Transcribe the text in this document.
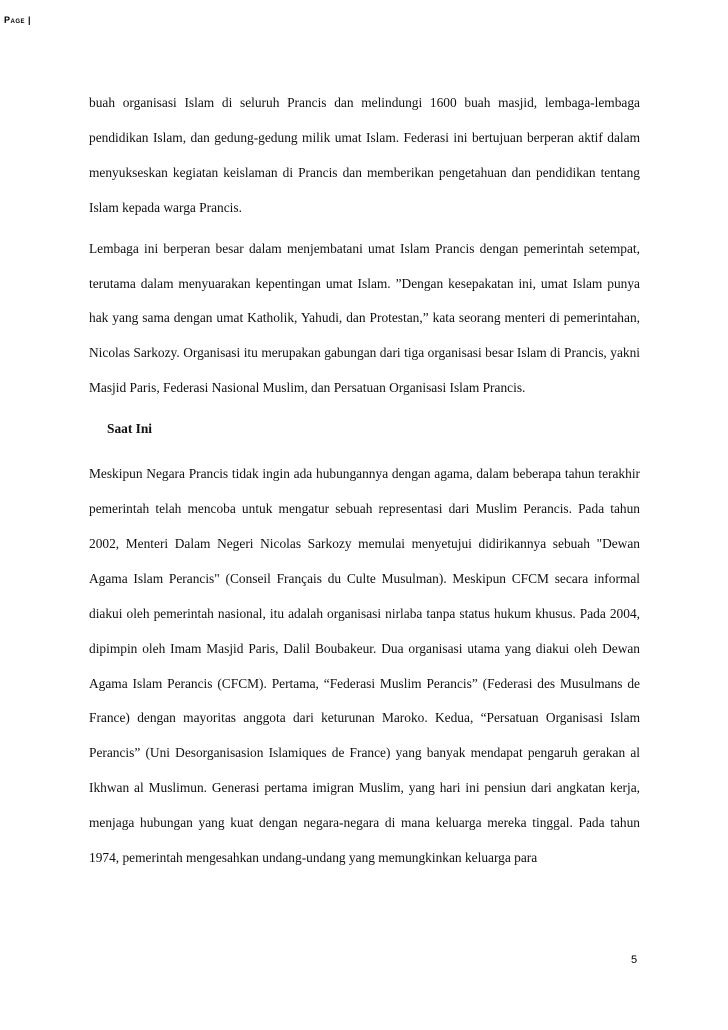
Page |

buah organisasi Islam di seluruh Prancis dan melindungi 1600 buah masjid, lembaga-lembaga pendidikan Islam, dan gedung-gedung milik umat Islam. Federasi ini bertujuan berperan aktif dalam menyukseskan kegiatan keislaman di Prancis dan memberikan pengetahuan dan pendidikan tentang Islam kepada warga Prancis.

Lembaga ini berperan besar dalam menjembatani umat Islam Prancis dengan pemerintah setempat, terutama dalam menyuarakan kepentingan umat Islam. ”Dengan kesepakatan ini, umat Islam punya hak yang sama dengan umat Katholik, Yahudi, dan Protestan,” kata seorang menteri di pemerintahan, Nicolas Sarkozy. Organisasi itu merupakan gabungan dari tiga organisasi besar Islam di Prancis, yakni Masjid Paris, Federasi Nasional Muslim, dan Persatuan Organisasi Islam Prancis.

Saat Ini

Meskipun Negara Prancis tidak ingin ada hubungannya dengan agama, dalam beberapa tahun terakhir pemerintah telah mencoba untuk mengatur sebuah representasi dari Muslim Perancis. Pada tahun 2002, Menteri Dalam Negeri Nicolas Sarkozy memulai menyetujui didirikannya sebuah "Dewan Agama Islam Perancis" (Conseil Français du Culte Musulman). Meskipun CFCM secara informal diakui oleh pemerintah nasional, itu adalah organisasi nirlaba tanpa status hukum khusus. Pada 2004, dipimpin oleh Imam Masjid Paris, Dalil Boubakeur. Dua organisasi utama yang diakui oleh Dewan Agama Islam Perancis (CFCM). Pertama, “Federasi Muslim Perancis” (Federasi des Musulmans de France) dengan mayoritas anggota dari keturunan Maroko. Kedua, “Persatuan Organisasi Islam Perancis” (Uni Desorganisasion Islamiques de France) yang banyak mendapat pengaruh gerakan al Ikhwan al Muslimun. Generasi pertama imigran Muslim, yang hari ini pensiun dari angkatan kerja, menjaga hubungan yang kuat dengan negara-negara di mana keluarga mereka tinggal. Pada tahun 1974, pemerintah mengesahkan undang-undang yang memungkinkan keluarga para

5
